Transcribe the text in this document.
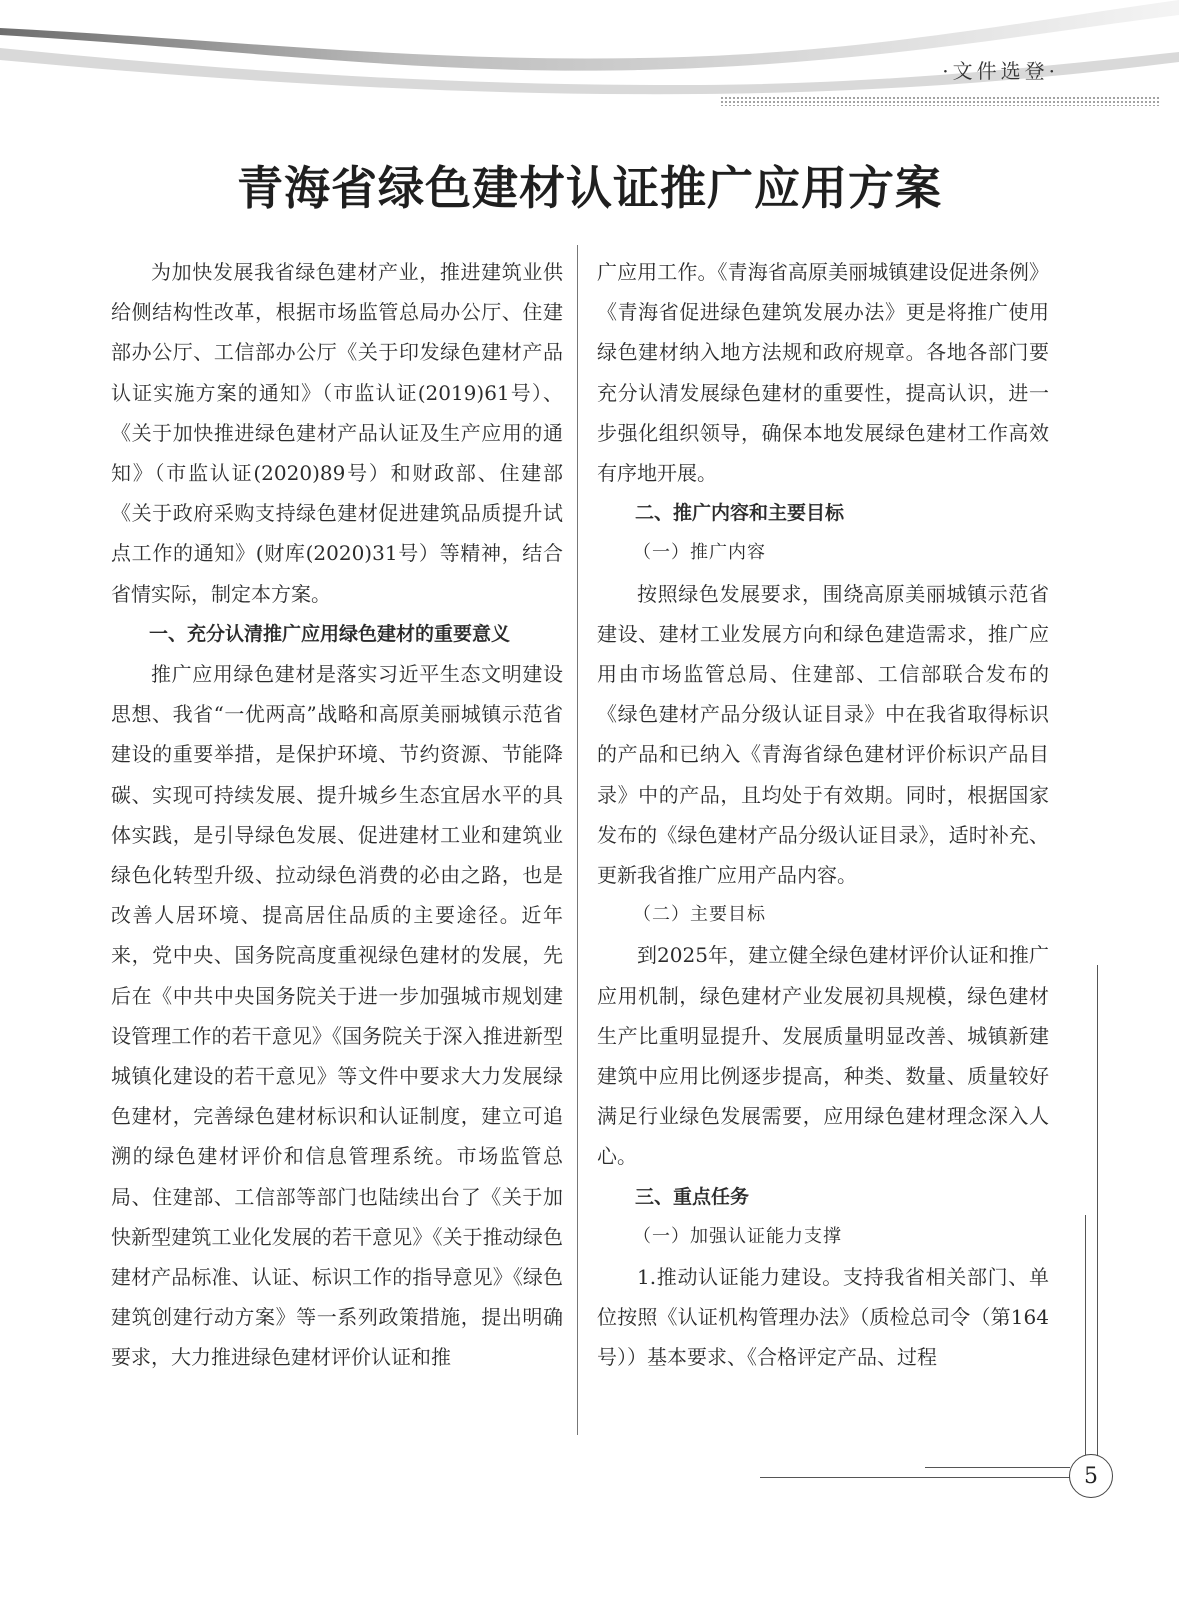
·文件选登·
青海省绿色建材认证推广应用方案

为加快发展我省绿色建材产业，推进建筑业供给侧结构性改革，根据市场监管总局办公厅、住建部办公厅、工信部办公厅《关于印发绿色建材产品认证实施方案的通知》（市监认证(2019)61号）、《关于加快推进绿色建材产品认证及生产应用的通知》（市监认证(2020)89号）和财政部、住建部《关于政府采购支持绿色建材促进建筑品质提升试点工作的通知》(财库(2020)31号）等精神，结合省情实际，制定本方案。

一、充分认清推广应用绿色建材的重要意义

推广应用绿色建材是落实习近平生态文明建设思想、我省“一优两高”战略和高原美丽城镇示范省建设的重要举措，是保护环境、节约资源、节能降碳、实现可持续发展、提升城乡生态宜居水平的具体实践，是引导绿色发展、促进建材工业和建筑业绿色化转型升级、拉动绿色消费的必由之路，也是改善人居环境、提高居住品质的主要途径。近年来，党中央、国务院高度重视绿色建材的发展，先后在《中共中央国务院关于进一步加强城市规划建设管理工作的若干意见》《国务院关于深入推进新型城镇化建设的若干意见》等文件中要求大力发展绿色建材，完善绿色建材标识和认证制度，建立可追溯的绿色建材评价和信息管理系统。市场监管总局、住建部、工信部等部门也陆续出台了《关于加快新型建筑工业化发展的若干意见》《关于推动绿色建材产品标准、认证、标识工作的指导意见》《绿色建筑创建行动方案》等一系列政策措施，提出明确要求，大力推进绿色建材评价认证和推

广应用工作。《青海省高原美丽城镇建设促进条例》《青海省促进绿色建筑发展办法》更是将推广使用绿色建材纳入地方法规和政府规章。各地各部门要充分认清发展绿色建材的重要性，提高认识，进一步强化组织领导，确保本地发展绿色建材工作高效有序地开展。

二、推广内容和主要目标

（一）推广内容

按照绿色发展要求，围绕高原美丽城镇示范省建设、建材工业发展方向和绿色建造需求，推广应用由市场监管总局、住建部、工信部联合发布的《绿色建材产品分级认证目录》中在我省取得标识的产品和已纳入《青海省绿色建材评价标识产品目录》中的产品，且均处于有效期。同时，根据国家发布的《绿色建材产品分级认证目录》，适时补充、更新我省推广应用产品内容。

（二）主要目标

到2025年，建立健全绿色建材评价认证和推广应用机制，绿色建材产业发展初具规模，绿色建材生产比重明显提升、发展质量明显改善、城镇新建建筑中应用比例逐步提高，种类、数量、质量较好满足行业绿色发展需要，应用绿色建材理念深入人心。

三、重点任务

（一）加强认证能力支撑

1.推动认证能力建设。支持我省相关部门、单位按照《认证机构管理办法》（质检总司令（第164号））基本要求、《合格评定产品、过程

5
